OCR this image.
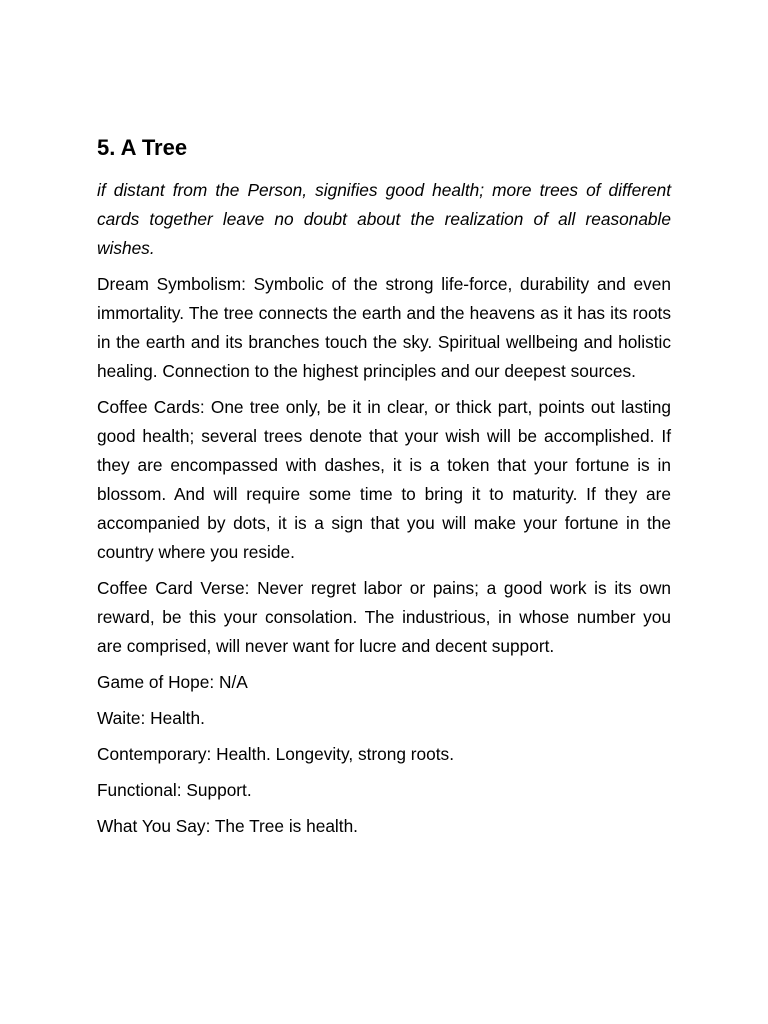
5. A Tree

if distant from the Person, signifies good health; more trees of different cards together leave no doubt about the realization of all reasonable wishes.

Dream Symbolism: Symbolic of the strong life-force, durability and even immortality. The tree connects the earth and the heavens as it has its roots in the earth and its branches touch the sky. Spiritual wellbeing and holistic healing. Connection to the highest principles and our deepest sources.

Coffee Cards: One tree only, be it in clear, or thick part, points out lasting good health; several trees denote that your wish will be accomplished. If they are encompassed with dashes, it is a token that your fortune is in blossom. And will require some time to bring it to maturity. If they are accompanied by dots, it is a sign that you will make your fortune in the country where you reside.

Coffee Card Verse: Never regret labor or pains; a good work is its own reward, be this your consolation. The industrious, in whose number you are comprised, will never want for lucre and decent support.

Game of Hope: N/A

Waite: Health.

Contemporary: Health. Longevity, strong roots.

Functional: Support.

What You Say: The Tree is health.
